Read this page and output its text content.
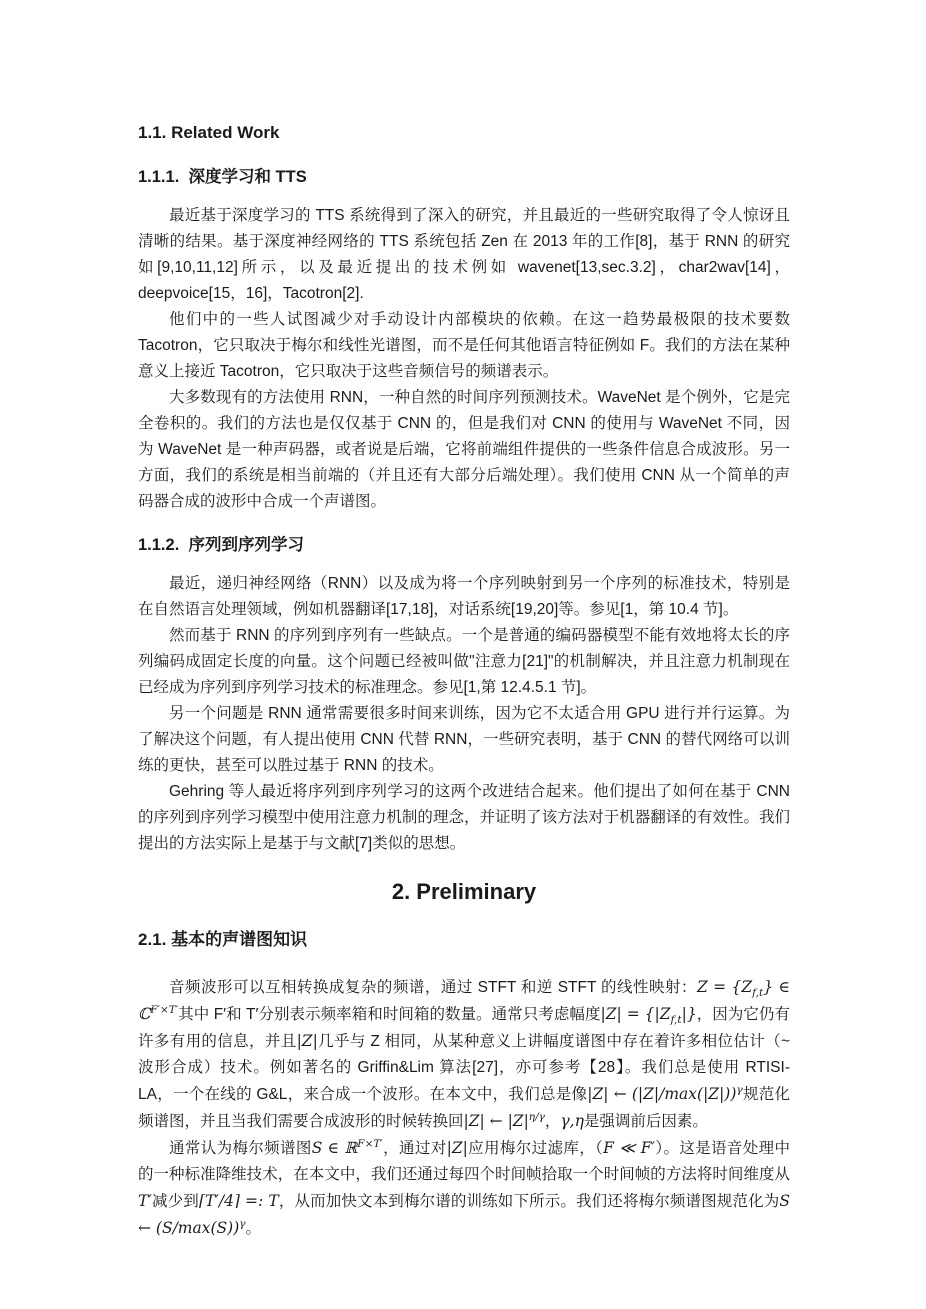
1.1. Related Work
1.1.1.  深度学习和 TTS

最近基于深度学习的 TTS 系统得到了深入的研究，并且最近的一些研究取得了令人惊讶且清晰的结果。基于深度神经网络的 TTS 系统包括 Zen 在 2013 年的工作[8]，基于 RNN 的研究如[9,10,11,12]所示，以及最近提出的技术例如 wavenet[13,sec.3.2]，char2wav[14]，deepvoice[15，16]，Tacotron[2].

他们中的一些人试图减少对手动设计内部模块的依赖。在这一趋势最极限的技术要数 Tacotron，它只取决于梅尔和线性光谱图，而不是任何其他语言特征例如 F。我们的方法在某种意义上接近 Tacotron，它只取决于这些音频信号的频谱表示。

大多数现有的方法使用 RNN，一种自然的时间序列预测技术。WaveNet 是个例外，它是完全卷积的。我们的方法也是仅仅基于 CNN 的，但是我们对 CNN 的使用与 WaveNet 不同，因为 WaveNet 是一种声码器，或者说是后端，它将前端组件提供的一些条件信息合成波形。另一方面，我们的系统是相当前端的（并且还有大部分后端处理）。我们使用 CNN 从一个简单的声码器合成的波形中合成一个声谱图。

1.1.2.  序列到序列学习

最近，递归神经网络（RNN）以及成为将一个序列映射到另一个序列的标准技术，特别是在自然语言处理领域，例如机器翻译[17,18]，对话系统[19,20]等。参见[1，第 10.4 节]。

然而基于 RNN 的序列到序列有一些缺点。一个是普通的编码器模型不能有效地将太长的序列编码成固定长度的向量。这个问题已经被叫做"注意力[21]"的机制解决，并且注意力机制现在已经成为序列到序列学习技术的标准理念。参见[1,第 12.4.5.1 节]。

另一个问题是 RNN 通常需要很多时间来训练，因为它不太适合用 GPU 进行并行运算。为了解决这个问题，有人提出使用 CNN 代替 RNN，一些研究表明，基于 CNN 的替代网络可以训练的更快，甚至可以胜过基于 RNN 的技术。

Gehring 等人最近将序列到序列学习的这两个改进结合起来。他们提出了如何在基于 CNN 的序列到序列学习模型中使用注意力机制的理念，并证明了该方法对于机器翻译的有效性。我们提出的方法实际上是基于与文献[7]类似的思想。

2. Preliminary
2.1. 基本的声谱图知识

音频波形可以互相转换成复杂的频谱，通过 STFT 和逆 STFT 的线性映射：$Z = \{Z_{f,t}\}$ ∈ ℂ$^{F'\times T'}$其中 F′和 T′分别表示频率箱和时间箱的数量。通常只考虑幅度$|Z| = \{|Z_{f,t}|\}$，因为它仍有许多有用的信息，并且|Z|几乎与 Z 相同，从某种意义上讲幅度谱图中存在着许多相位估计（~波形合成）技术。例如著名的 Griffin&Lim 算法[27]，亦可参考【28】。我们总是使用 RTISI-LA，一个在线的 G&L，来合成一个波形。在本文中，我们总是像|Z| ← $(|Z|/\max(|Z|))^\gamma$规范化频谱图，并且当我们需要合成波形的时候转换回|Z| ← $|Z|^{\eta/\gamma}$，γ,η是强调前后因素。

通常认为梅尔频谱图S ∈ ℝ$^{F\times T'}$，通过对|Z|应用梅尔过滤库，（F ≪ F′）。这是语音处理中的一种标准降维技术，在本文中，我们还通过每四个时间帧拾取一个时间帧的方法将时间维度从T′减少到⌈T′/4⌉ =: T，从而加快文本到梅尔谱的训练如下所示。我们还将梅尔频谱图规范化为S ← $(S/\max(S))^\gamma$。
